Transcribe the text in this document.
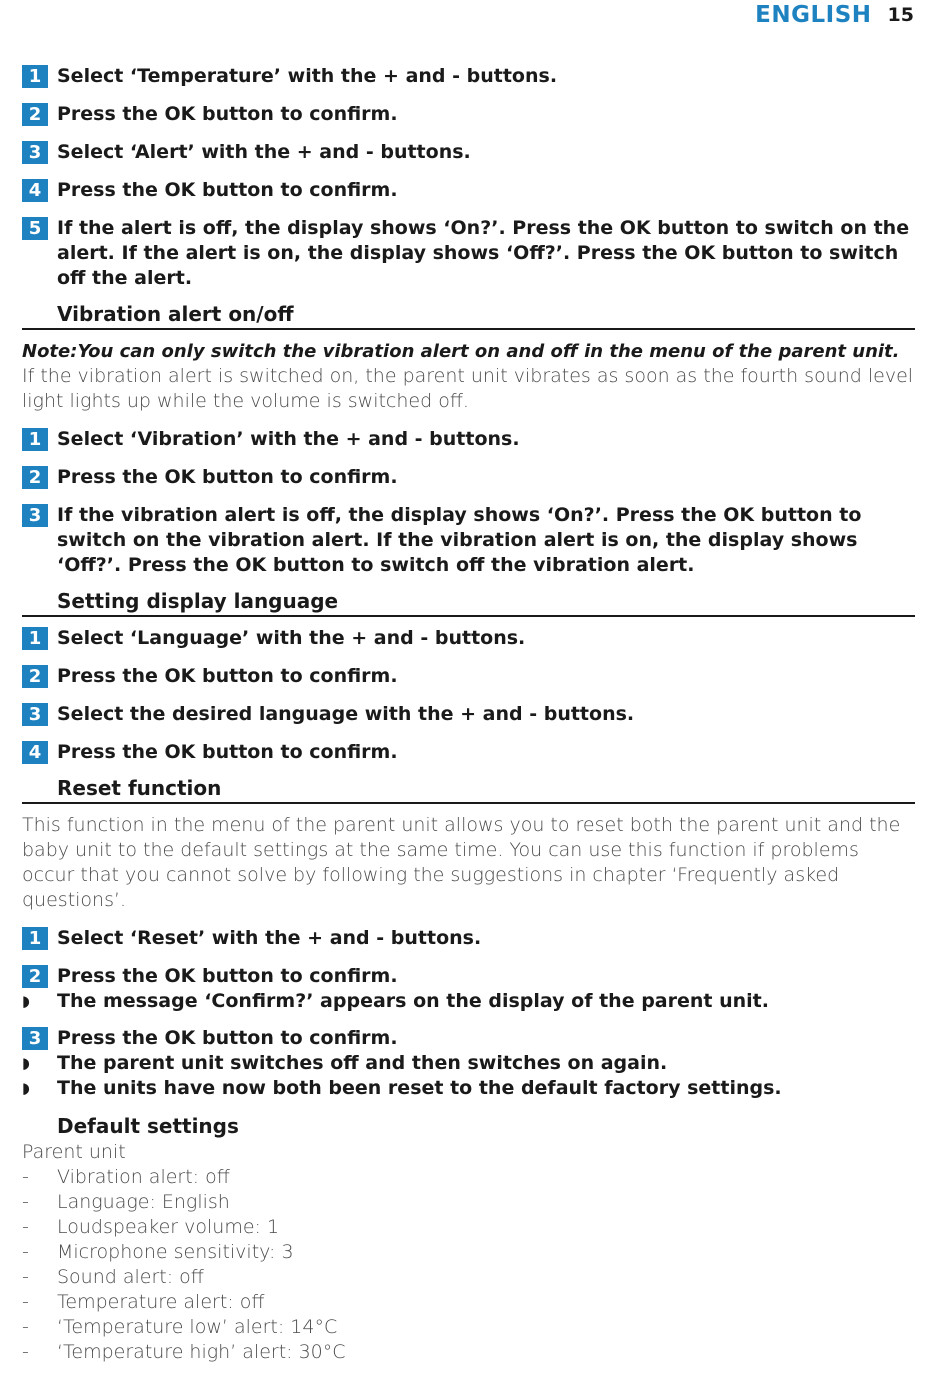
ENGLISH 15
1 Select ‘Temperature’ with the + and - buttons.
2 Press the OK button to confirm.
3 Select ‘Alert’ with the + and - buttons.
4 Press the OK button to confirm.
5 If the alert is off, the display shows ‘On?’. Press the OK button to switch on the alert. If the alert is on, the display shows ‘Off?’. Press the OK button to switch off the alert.
Vibration alert on/off
Note:You can only switch the vibration alert on and off in the menu of the parent unit.
If the vibration alert is switched on, the parent unit vibrates as soon as the fourth sound level light lights up while the volume is switched off.
1 Select ‘Vibration’ with the + and - buttons.
2 Press the OK button to confirm.
3 If the vibration alert is off, the display shows ‘On?’. Press the OK button to switch on the vibration alert. If the vibration alert is on, the display shows ‘Off?’. Press the OK button to switch off the vibration alert.
Setting display language
1 Select ‘Language’ with the + and - buttons.
2 Press the OK button to confirm.
3 Select the desired language with the + and - buttons.
4 Press the OK button to confirm.
Reset function
This function in the menu of the parent unit allows you to reset both the parent unit and the baby unit to the default settings at the same time. You can use this function if problems occur that you cannot solve by following the suggestions in chapter ‘Frequently asked questions’.
1 Select ‘Reset’ with the + and - buttons.
2 Press the OK button to confirm.
◗	The message ‘Confirm?’ appears on the display of the parent unit.
3 Press the OK button to confirm.
◗	The parent unit switches off and then switches on again.
◗	The units have now both been reset to the default factory settings.
Default settings
Parent unit
-	Vibration alert: off
-	Language: English
-	Loudspeaker volume: 1
-	Microphone sensitivity: 3
-	Sound alert: off
-	Temperature alert: off
-	‘Temperature low’ alert: 14°C
-	‘Temperature high’ alert: 30°C
